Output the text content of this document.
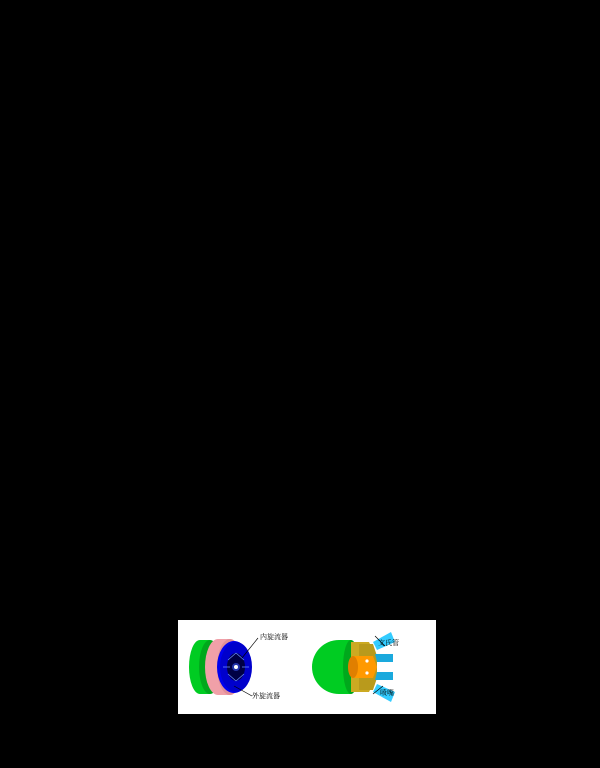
内旋流器
外旋流器
文氏管
喷嘴
